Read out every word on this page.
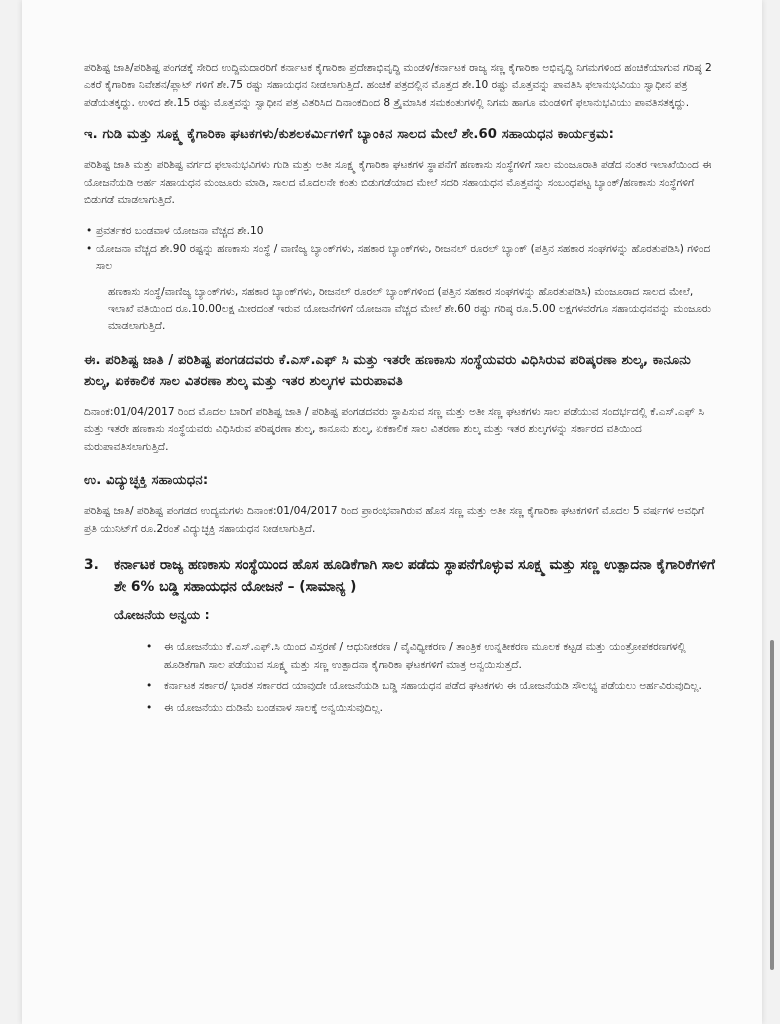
ಪರಿಶಿಷ್ಟ ಜಾತಿ/ಪರಿಶಿಷ್ಟ ಪಂಗಡಕ್ಕೆ ಸೇರಿದ ಉದ್ದಿಮದಾರರಿಗೆ ಕರ್ನಾಟಕ ಕೈಗಾರಿಕಾ ಪ್ರದೇಶಾಭಿವೃದ್ಧಿ ಮಂಡಳಿ/ಕರ್ನಾಟಕ ರಾಜ್ಯ ಸಣ್ಣ ಕೈಗಾರಿಕಾ ಅಭಿವೃದ್ಧಿ ನಿಗಮಗಳಿಂದ ಹಂಚಿಕೆಯಾಗುವ ಗರಿಷ್ಠ 2 ಎಕರೆ ಕೈಗಾರಿಕಾ ನಿವೇಶನ/ಪ್ಲಾಟ್ ಗಳಿಗೆ ಶೇ.75 ರಷ್ಟು ಸಹಾಯಧನ ನೀಡಲಾಗುತ್ತಿದೆ. ಹಂಚಿಕೆ ಪತ್ರದಲ್ಲಿನ ಮೊತ್ತದ ಶೇ.10 ರಷ್ಟು ಮೊತ್ತವನ್ನು ಪಾವತಿಸಿ ಫಲಾನುಭವಿಯು ಸ್ವಾಧೀನ ಪತ್ರ ಪಡೆಯತಕ್ಕದ್ದು. ಉಳಿದ ಶೇ.15 ರಷ್ಟು ಮೊತ್ತವನ್ನು ಸ್ವಾಧೀನ ಪತ್ರ ವಿತರಿಸಿದ ದಿನಾಂಕದಿಂದ 8 ತ್ರೈಮಾಸಿಕ ಸಮಕಂತುಗಳಲ್ಲಿ ನಿಗಮ ಹಾಗೂ ಮಂಡಳಿಗೆ ಫಲಾನುಭವಿಯು ಪಾವತಿಸತಕ್ಕದ್ದು.

ಇ. ಗುಡಿ ಮತ್ತು ಸೂಕ್ಷ್ಮ ಕೈಗಾರಿಕಾ ಘಟಕಗಳು/ಕುಶಲಕರ್ಮಿಗಳಿಗೆ ಬ್ಯಾಂಕಿನ ಸಾಲದ ಮೇಲೆ ಶೇ.60 ಸಹಾಯಧನ ಕಾರ್ಯಕ್ರಮ:

ಪರಿಶಿಷ್ಟ ಜಾತಿ ಮತ್ತು ಪರಿಶಿಷ್ಟ ವರ್ಗದ ಫಲಾನುಭವಿಗಳು ಗುಡಿ ಮತ್ತು ಅತೀ ಸೂಕ್ಷ್ಮ ಕೈಗಾರಿಕಾ ಘಟಕಗಳ ಸ್ಥಾಪನೆಗೆ ಹಣಕಾಸು ಸಂಸ್ಥೆಗಳಿಗೆ ಸಾಲ ಮಂಜೂರಾತಿ ಪಡೆದ ನಂತರ ಇಲಾಖೆಯಿಂದ ಈ ಯೋಜನೆಯಡಿ ಅರ್ಹ ಸಹಾಯಧನ ಮಂಜೂರು ಮಾಡಿ, ಸಾಲದ ಮೊದಲನೇ ಕಂತು ಬಿಡುಗಡೆಯಾದ ಮೇಲೆ ಸದರಿ ಸಹಾಯಧನ ಮೊತ್ತವನ್ನು ಸಂಬಂಧಪಟ್ಟ ಬ್ಯಾಂಕ್/ಹಣಕಾಸು ಸಂಸ್ಥೆಗಳಿಗೆ ಬಿಡುಗಡೆ ಮಾಡಲಾಗುತ್ತಿದೆ.

• ಪ್ರವರ್ತಕರ ಬಂಡವಾಳ ಯೋಜನಾ ವೆಚ್ಚದ ಶೇ.10
• ಯೋಜನಾ ವೆಚ್ಚದ ಶೇ.90 ರಷ್ಟನ್ನು ಹಣಕಾಸು ಸಂಸ್ಥೆ / ವಾಣಿಜ್ಯ ಬ್ಯಾಂಕ್‌ಗಳು, ಸಹಕಾರ ಬ್ಯಾಂಕ್‌ಗಳು, ರೀಜನಲ್ ರೂರಲ್ ಬ್ಯಾಂಕ್ (ಪತ್ತಿನ ಸಹಕಾರ ಸಂಘಗಳನ್ನು ಹೊರತುಪಡಿಸಿ) ಗಳಿಂದ ಸಾಲ

ಹಣಕಾಸು ಸಂಸ್ಥೆ/ವಾಣಿಜ್ಯ ಬ್ಯಾಂಕ್‌ಗಳು, ಸಹಕಾರ ಬ್ಯಾಂಕ್‌ಗಳು, ರೀಜನಲ್ ರೂರಲ್ ಬ್ಯಾಂಕ್‌ಗಳಿಂದ (ಪತ್ತಿನ ಸಹಕಾರ ಸಂಘಗಳನ್ನು ಹೊರತುಪಡಿಸಿ) ಮಂಜೂರಾದ ಸಾಲದ ಮೇಲೆ, ಇಲಾಖೆ ವತಿಯಿಂದ ರೂ.10.00ಲಕ್ಷ ಮೀರದಂತೆ ಇರುವ ಯೋಜನೆಗಳಿಗೆ ಯೋಜನಾ ವೆಚ್ಚದ ಮೇಲೆ ಶೇ.60 ರಷ್ಟು ಗರಿಷ್ಠ ರೂ.5.00 ಲಕ್ಷಗಳವರೆಗೂ ಸಹಾಯಧನವನ್ನು ಮಂಜೂರು ಮಾಡಲಾಗುತ್ತಿದೆ.

ಈ. ಪರಿಶಿಷ್ಟ ಜಾತಿ / ಪರಿಶಿಷ್ಟ ಪಂಗಡದವರು ಕೆ.ಎಸ್.ಎಫ್ ಸಿ ಮತ್ತು ಇತರೇ ಹಣಕಾಸು ಸಂಸ್ಥೆಯವರು ವಿಧಿಸಿರುವ ಪರಿಷ್ಕರಣಾ ಶುಲ್ಕ, ಕಾನೂನು ಶುಲ್ಕ, ಏಕಕಾಲಿಕ ಸಾಲ ವಿತರಣಾ ಶುಲ್ಕ ಮತ್ತು ಇತರ ಶುಲ್ಕಗಳ ಮರುಪಾವತಿ

ದಿನಾಂಕ:01/04/2017 ರಿಂದ ಮೊದಲ ಬಾರಿಗೆ ಪರಿಶಿಷ್ಟ ಜಾತಿ / ಪರಿಶಿಷ್ಟ ಪಂಗಡದವರು ಸ್ಥಾಪಿಸುವ ಸಣ್ಣ ಮತ್ತು ಅತೀ ಸಣ್ಣ ಘಟಕಗಳು ಸಾಲ ಪಡೆಯುವ ಸಂದರ್ಭದಲ್ಲಿ ಕೆ.ಎಸ್.ಎಫ್ ಸಿ ಮತ್ತು ಇತರೇ ಹಣಕಾಸು ಸಂಸ್ಥೆಯವರು ವಿಧಿಸಿರುವ ಪರಿಷ್ಕರಣಾ ಶುಲ್ಕ, ಕಾನೂನು ಶುಲ್ಕ, ಏಕಕಾಲಿಕ ಸಾಲ ವಿತರಣಾ ಶುಲ್ಕ ಮತ್ತು ಇತರ ಶುಲ್ಕಗಳನ್ನು ಸರ್ಕಾರದ ವತಿಯಿಂದ ಮರುಪಾವತಿಸಲಾಗುತ್ತಿದೆ.

ಉ. ವಿದ್ಯುಚ್ಛಕ್ತಿ ಸಹಾಯಧನ:

ಪರಿಶಿಷ್ಟ ಜಾತಿ/ ಪರಿಶಿಷ್ಟ ಪಂಗಡದ ಉದ್ಯಮಗಳು ದಿನಾಂಕ:01/04/2017 ರಿಂದ ಪ್ರಾರಂಭವಾಗಿರುವ ಹೊಸ ಸಣ್ಣ ಮತ್ತು ಅತೀ ಸಣ್ಣ ಕೈಗಾರಿಕಾ ಘಟಕಗಳಿಗೆ ಮೊದಲ 5 ವರ್ಷಗಳ ಅವಧಿಗೆ ಪ್ರತಿ ಯುನಿಟ್‌ಗೆ ರೂ.2ರಂತೆ ವಿದ್ಯುಚ್ಛಕ್ತಿ ಸಹಾಯಧನ ನೀಡಲಾಗುತ್ತಿದೆ.

3.	ಕರ್ನಾಟಕ ರಾಜ್ಯ ಹಣಕಾಸು ಸಂಸ್ಥೆಯಿಂದ ಹೊಸ ಹೂಡಿಕೆಗಾಗಿ ಸಾಲ ಪಡೆದು ಸ್ಥಾಪನೆಗೊಳ್ಳುವ ಸೂಕ್ಷ್ಮ ಮತ್ತು ಸಣ್ಣ ಉತ್ಪಾದನಾ ಕೈಗಾರಿಕೆಗಳಿಗೆ ಶೇ 6% ಬಡ್ಡಿ ಸಹಾಯಧನ ಯೋಜನೆ – (ಸಾಮಾನ್ಯ )
ಯೋಜನೆಯ ಅನ್ವಯ :
• ಈ ಯೋಜನೆಯು ಕೆ.ಎಸ್.ಎಫ್.ಸಿ ಯಿಂದ ವಿಸ್ತರಣೆ / ಆಧುನೀಕರಣ / ವೈವಿಧ್ಯೀಕರಣ / ತಾಂತ್ರಿಕ ಉನ್ನತೀಕರಣ ಮೂಲಕ ಕಟ್ಟಡ ಮತ್ತು ಯಂತ್ರೋಪಕರಣಗಳಲ್ಲಿ ಹೂಡಿಕೆಗಾಗಿ ಸಾಲ ಪಡೆಯುವ ಸೂಕ್ಷ್ಮ ಮತ್ತು ಸಣ್ಣ ಉತ್ಪಾದನಾ ಕೈಗಾರಿಕಾ ಘಟಕಗಳಿಗೆ ಮಾತ್ರ ಅನ್ವಯಿಸುತ್ತದೆ.
• ಕರ್ನಾಟಕ ಸರ್ಕಾರ/ ಭಾರತ ಸರ್ಕಾರದ ಯಾವುದೇ ಯೋಜನೆಯಡಿ ಬಡ್ಡಿ ಸಹಾಯಧನ ಪಡೆದ ಘಟಕಗಳು ಈ ಯೋಜನೆಯಡಿ ಸೌಲಭ್ಯ ಪಡೆಯಲು ಅರ್ಹವಿರುವುದಿಲ್ಲ.
• ಈ ಯೋಜನೆಯು ದುಡಿಮೆ ಬಂಡವಾಳ ಸಾಲಕ್ಕೆ ಅನ್ವಯಿಸುವುದಿಲ್ಲ.
